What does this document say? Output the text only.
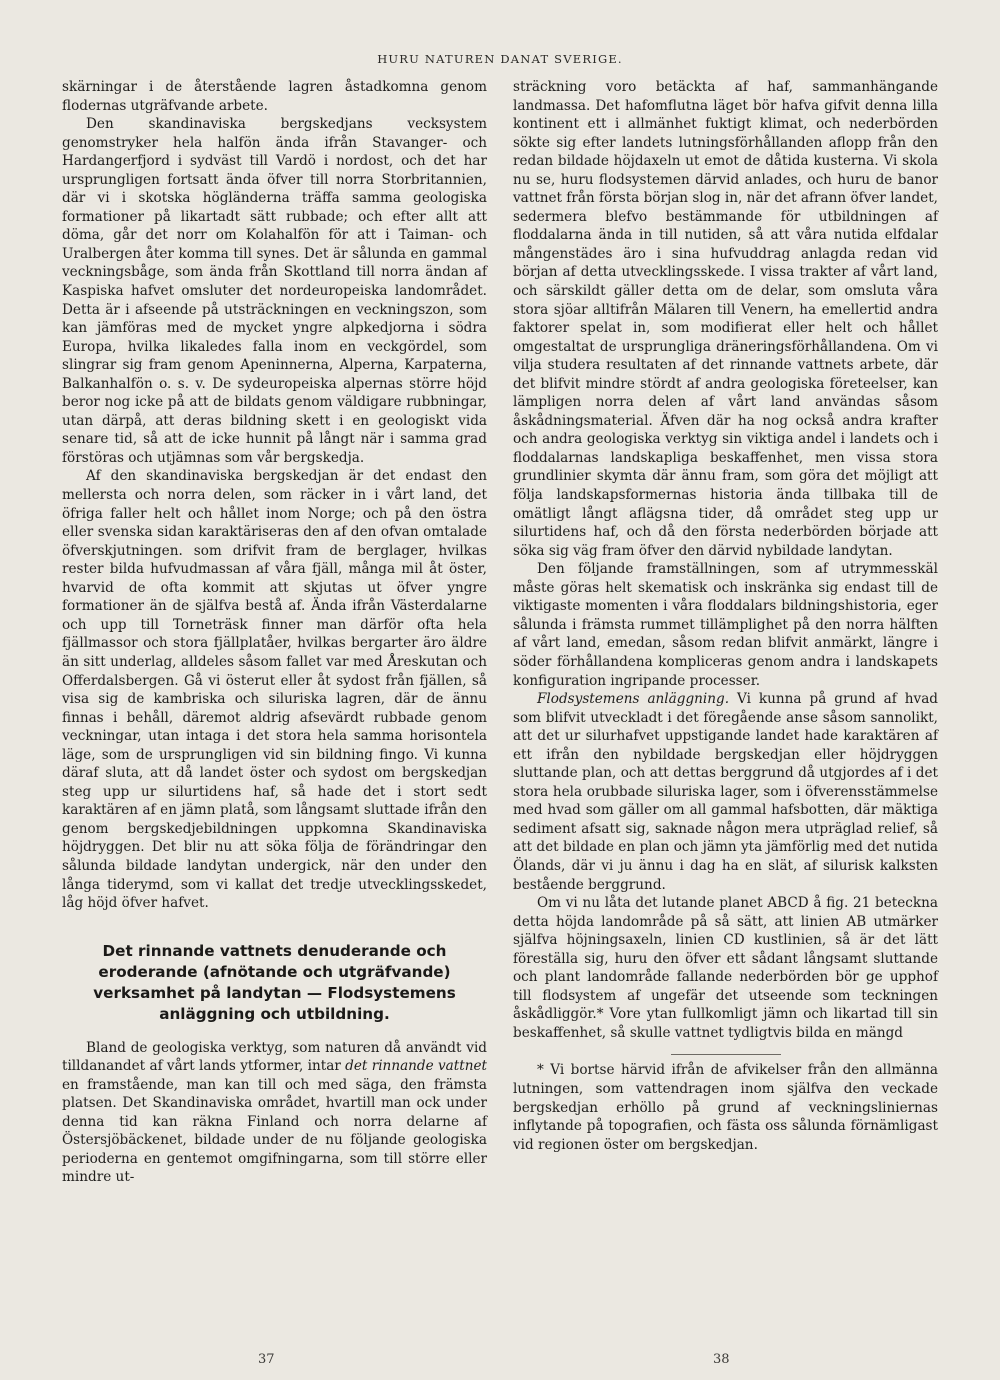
HURU NATUREN DANAT SVERIGE.

skärningar i de återstående lagren åstadkomna genom flodernas utgräfvande arbete.

Den skandinaviska bergskedjans vecksystem genomstryker hela halfön ända ifrån Stavanger- och Hardangerfjord i sydväst till Vardö i nordost, och det har ursprungligen fortsatt ända öfver till norra Storbritannien, där vi i skotska högländerna träffa samma geologiska formationer på likartadt sätt rubbade; och efter allt att döma, går det norr om Kolahalfön för att i Taiman- och Uralbergen åter komma till synes. Det är sålunda en gammal veckningsbåge, som ända från Skottland till norra ändan af Kaspiska hafvet omsluter det nordeuropeiska landområdet. Detta är i afseende på utsträckningen en veckningszon, som kan jämföras med de mycket yngre alpkedjorna i södra Europa, hvilka likaledes falla inom en veckgördel, som slingrar sig fram genom Apeninnerna, Alperna, Karpaterna, Balkanhalfön o. s. v. De sydeuropeiska alpernas större höjd beror nog icke på att de bildats genom väldigare rubbningar, utan därpå, att deras bildning skett i en geologiskt vida senare tid, så att de icke hunnit på långt när i samma grad förstöras och utjämnas som vår bergskedja.

Af den skandinaviska bergskedjan är det endast den mellersta och norra delen, som räcker in i vårt land, det öfriga faller helt och hållet inom Norge; och på den östra eller svenska sidan karaktäriseras den af den ofvan omtalade öfverskjutningen. som drifvit fram de berglager, hvilkas rester bilda hufvudmassan af våra fjäll, många mil åt öster, hvarvid de ofta kommit att skjutas ut öfver yngre formationer än de själfva bestå af. Ända ifrån Västerdalarne och upp till Torneträsk finner man därför ofta hela fjällmassor och stora fjällplatåer, hvilkas bergarter äro äldre än sitt underlag, alldeles såsom fallet var med Åreskutan och Offerdalsbergen. Gå vi österut eller åt sydost från fjällen, så visa sig de kambriska och siluriska lagren, där de ännu finnas i behåll, däremot aldrig afsevärdt rubbade genom veckningar, utan intaga i det stora hela samma horisontela läge, som de ursprungligen vid sin bildning fingo. Vi kunna däraf sluta, att då landet öster och sydost om bergskedjan steg upp ur silurtidens haf, så hade det i stort sedt karaktären af en jämn platå, som långsamt sluttade ifrån den genom bergskedjebildningen uppkomna Skandinaviska höjdryggen. Det blir nu att söka följa de förändringar den sålunda bildade landytan undergick, när den under den långa tiderymd, som vi kallat det tredje utvecklingsskedet, låg höjd öfver hafvet.

Det rinnande vattnets denuderande och eroderande (afnötande och utgräfvande) verksamhet på landytan — Flodsystemens anläggning och utbildning.

Bland de geologiska verktyg, som naturen då användt vid tilldanandet af vårt lands ytformer, intar det rinnande vattnet en framstående, man kan till och med säga, den främsta platsen. Det Skandinaviska området, hvartill man ock under denna tid kan räkna Finland och norra delarne af Östersjöbäckenet, bildade under de nu följande geologiska perioderna en gentemot omgifningarna, som till större eller mindre ut-

sträckning voro betäckta af haf, sammanhängande landmassa. Det hafomflutna läget bör hafva gifvit denna lilla kontinent ett i allmänhet fuktigt klimat, och nederbörden sökte sig efter landets lutningsförhållanden aflopp från den redan bildade höjdaxeln ut emot de dåtida kusterna. Vi skola nu se, huru flodsystemen därvid anlades, och huru de banor vattnet från första början slog in, när det afrann öfver landet, sedermera blefvo bestämmande för utbildningen af floddalarna ända in till nutiden, så att våra nutida elfdalar mångenstädes äro i sina hufvuddrag anlagda redan vid början af detta utvecklingsskede. I vissa trakter af vårt land, och särskildt gäller detta om de delar, som omsluta våra stora sjöar alltifrån Mälaren till Venern, ha emellertid andra faktorer spelat in, som modifierat eller helt och hållet omgestaltat de ursprungliga dräneringsförhållandena. Om vi vilja studera resultaten af det rinnande vattnets arbete, där det blifvit mindre stördt af andra geologiska företeelser, kan lämpligen norra delen af vårt land användas såsom åskådningsmaterial. Äfven där ha nog också andra krafter och andra geologiska verktyg sin viktiga andel i landets och i floddalarnas landskapliga beskaffenhet, men vissa stora grundlinier skymta där ännu fram, som göra det möjligt att följa landskapsformernas historia ända tillbaka till de omätligt långt aflägsna tider, då området steg upp ur silurtidens haf, och då den första nederbörden började att söka sig väg fram öfver den därvid nybildade landytan.

Den följande framställningen, som af utrymmesskäl måste göras helt skematisk och inskränka sig endast till de viktigaste momenten i våra floddalars bildningshistoria, eger sålunda i främsta rummet tillämplighet på den norra hälften af vårt land, emedan, såsom redan blifvit anmärkt, längre i söder förhållandena kompliceras genom andra i landskapets konfiguration ingripande processer.

Flodsystemens anläggning. Vi kunna på grund af hvad som blifvit utveckladt i det föregående anse såsom sannolikt, att det ur silurhafvet uppstigande landet hade karaktären af ett ifrån den nybildade bergskedjan eller höjdryggen sluttande plan, och att dettas berggrund då utgjordes af i det stora hela orubbade siluriska lager, som i öfverensstämmelse med hvad som gäller om all gammal hafsbotten, där mäktiga sediment afsatt sig, saknade någon mera utpräglad relief, så att det bildade en plan och jämn yta jämförlig med det nutida Ölands, där vi ju ännu i dag ha en slät, af silurisk kalksten bestående berggrund.

Om vi nu låta det lutande planet ABCD å fig. 21 beteckna detta höjda landområde på så sätt, att linien AB utmärker själfva höjningsaxeln, linien CD kustlinien, så är det lätt föreställa sig, huru den öfver ett sådant långsamt sluttande och plant landområde fallande nederbörden bör ge upphof till flodsystem af ungefär det utseende som teckningen åskådliggör.* Vore ytan fullkomligt jämn och likartad till sin beskaffenhet, så skulle vattnet tydligtvis bilda en mängd

* Vi bortse härvid ifrån de afvikelser från den allmänna lutningen, som vattendragen inom själfva den veckade bergskedjan erhöllo på grund af veckningsliniernas inflytande på topografien, och fästa oss sålunda förnämligast vid regionen öster om bergskedjan.

37	38
